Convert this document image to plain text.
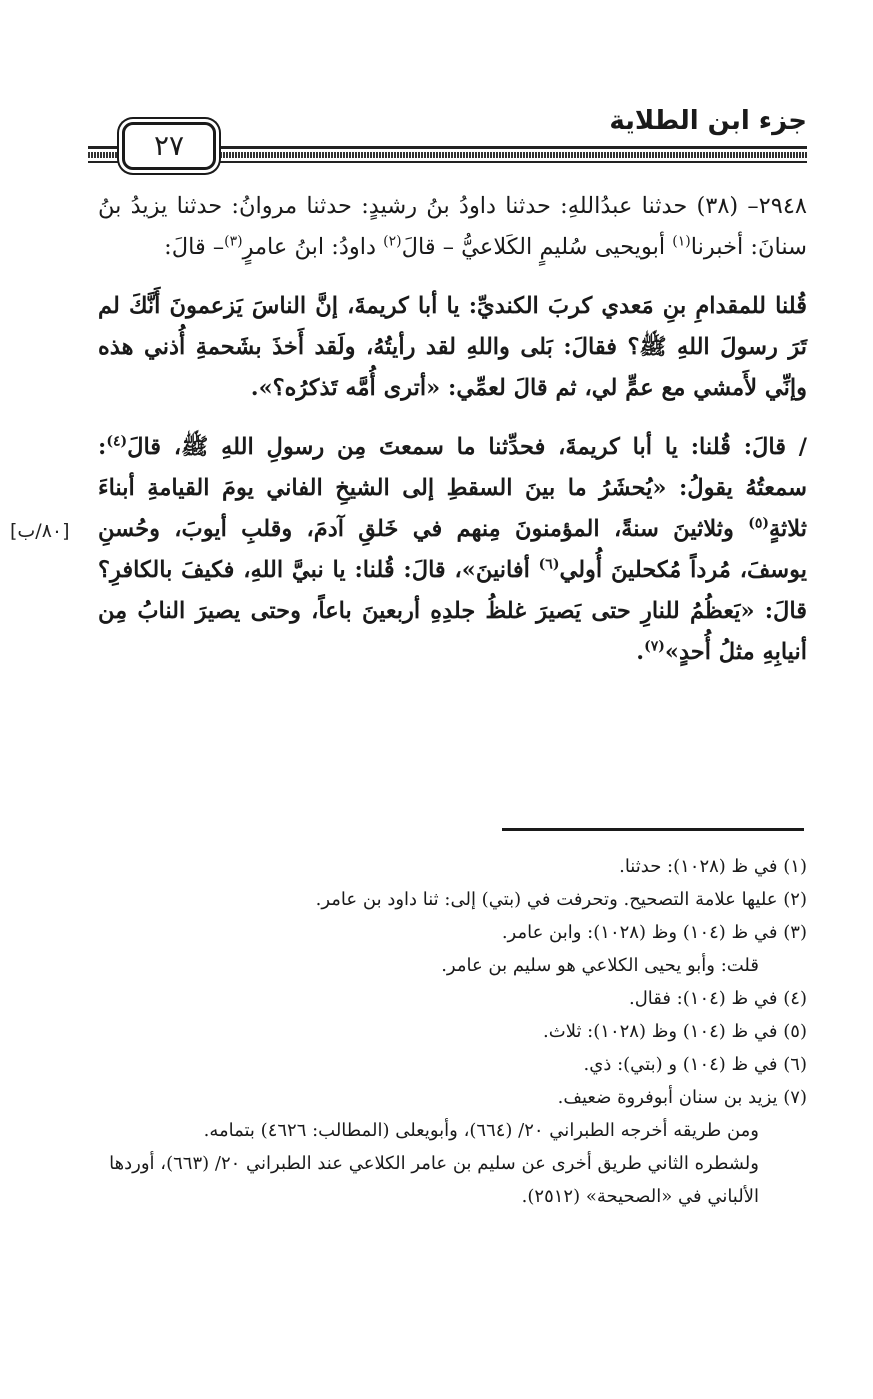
جزء ابن الطلاية
٢٧
[٨٠/ب]

٢٩٤٨– (٣٨) حدثنا عبدُاللهِ: حدثنا داودُ بنُ رشيدٍ: حدثنا مروانُ: حدثنا يزيدُ بنُ سنانَ: أخبرنا$^{(١)}$ أبويحيى سُليمٍ الكَلاعيُّ – قالَ$^{(٢)}$ داودُ: ابنُ عامرٍ$^{(٣)}$– قالَ:

قُلنا للمقدامِ بنِ مَعدي كربَ الكنديِّ: يا أبا كريمةَ، إنَّ الناسَ يَزعمونَ أَنَّكَ لم تَرَ رسولَ اللهِ ﷺ؟ فقالَ: بَلى واللهِ لقد رأيتُهُ، ولَقد أَخذَ بشَحمةِ أُذني هذه وإنِّي لأَمشي مع عمٍّ لي، ثم قالَ لعمِّي: «أترى أُمَّه تَذكرُه؟».

/ قالَ: قُلنا: يا أبا كريمةَ، فحدِّثنا ما سمعتَ مِن رسولِ اللهِ ﷺ، قالَ$^{(٤)}$: سمعتُهُ يقولُ: «يُحشَرُ ما بينَ السقطِ إلى الشيخِ الفاني يومَ القيامةِ أبناءَ ثلاثةٍ$^{(٥)}$ وثلاثينَ سنةً، المؤمنونَ مِنهم في خَلقِ آدمَ، وقلبِ أيوبَ، وحُسنِ يوسفَ، مُرداً مُكحلينَ أُولي$^{(٦)}$ أفانينَ»، قالَ: قُلنا: يا نبيَّ اللهِ، فكيفَ بالكافرِ؟ قالَ: «يَعظُمُ للنارِ حتى يَصيرَ غلظُ جلدِهِ أربعينَ باعاً، وحتى يصيرَ النابُ مِن أنيابِهِ مثلُ أُحدٍ»$^{(٧)}$.

(١) في ظ (١٠٢٨): حدثنا.

(٢) عليها علامة التصحيح. وتحرفت في (بتي) إلى: ثنا داود بن عامر.

(٣) في ظ (١٠٤) وظ (١٠٢٨): وابن عامر.

قلت: وأبو يحيى الكلاعي هو سليم بن عامر.

(٤) في ظ (١٠٤): فقال.

(٥) في ظ (١٠٤) وظ (١٠٢٨): ثلاث.

(٦) في ظ (١٠٤) و (بتي): ذي.

(٧) يزيد بن سنان أبوفروة ضعيف.

ومن طريقه أخرجه الطبراني ٢٠/ (٦٦٤)، وأبويعلى (المطالب: ٤٦٢٦) بتمامه.

ولشطره الثاني طريق أخرى عن سليم بن عامر الكلاعي عند الطبراني ٢٠/ (٦٦٣)، أوردها الألباني في «الصحيحة» (٢٥١٢).
